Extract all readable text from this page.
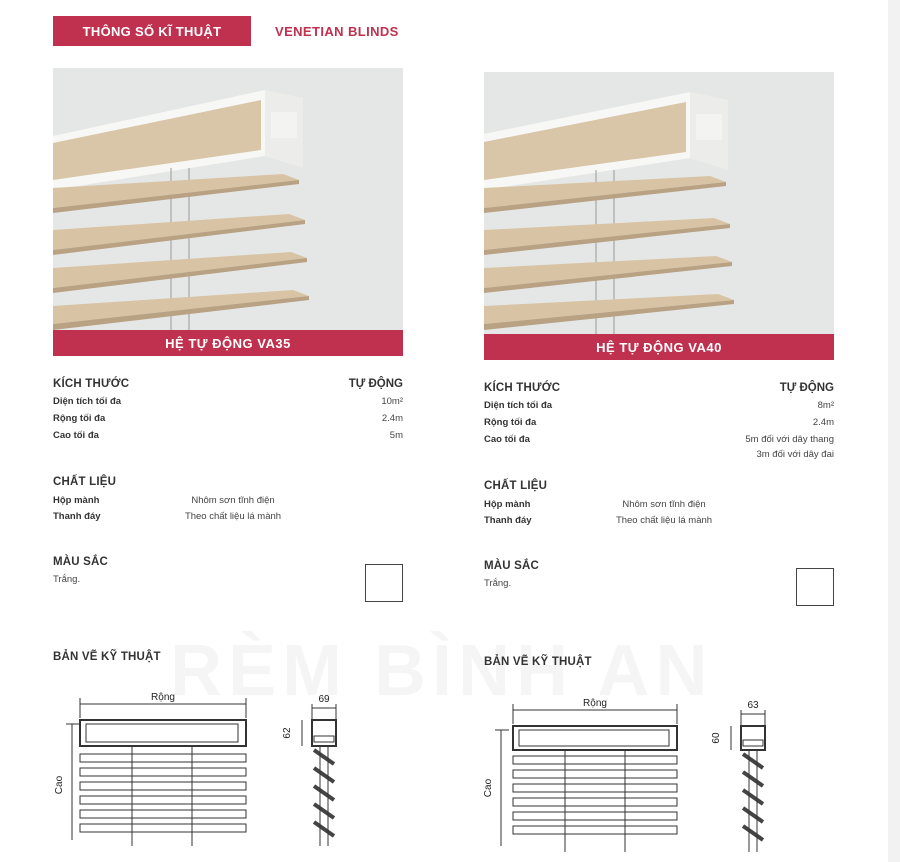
THÔNG SỐ KĨ THUẬT	VENETIAN BLINDS
HỆ TỰ ĐỘNG VA35
KÍCH THƯỚC	TỰ ĐỘNG
Diện tích tối đa	10m²
Rộng tối đa	2.4m
Cao tối đa	5m
CHẤT LIỆU
Hộp mành	Nhôm sơn tĩnh điện
Thanh đáy	Theo chất liệu lá mành
MÀU SẮC
Trắng.
HỆ TỰ ĐỘNG VA40
KÍCH THƯỚC	TỰ ĐỘNG
Diện tích tối đa	8m²
Rộng tối đa	2.4m
Cao tối đa	5m đối với dây thang
3m đối với dây đai
CHẤT LIỆU
Hộp mành	Nhôm sơn tĩnh điện
Thanh đáy	Theo chất liệu lá mành
MÀU SẮC
Trắng.
BẢN VẼ KỸ THUẬT	BẢN VẼ KỸ THUẬT
Rộng
Cao
69
62
Rộng
Cao
63
60
